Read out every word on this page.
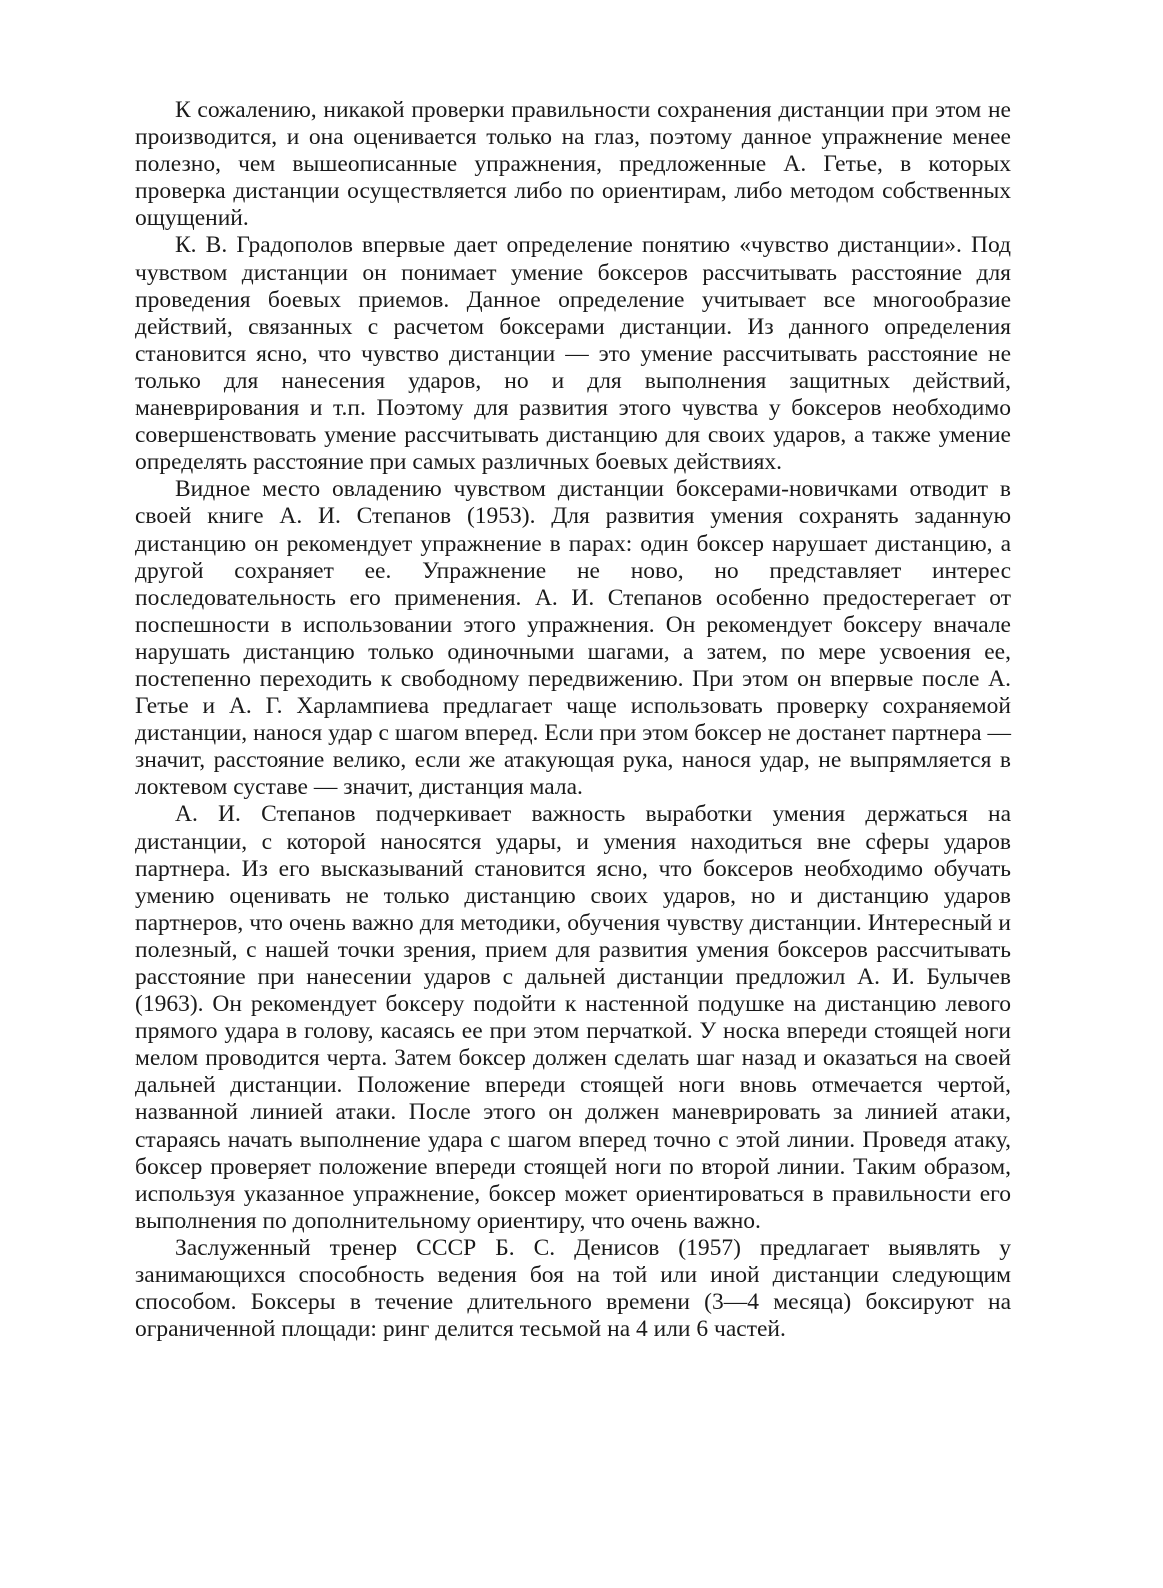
К сожалению, никакой проверки правильности сохранения дистанции при этом не производится, и она оценивается только на глаз, поэтому данное упражнение менее полезно, чем вышеописанные упражнения, предложенные А. Гетье, в которых проверка дистанции осуществляется либо по ориентирам, либо методом собственных ощущений.

К. В. Градополов впервые дает определение понятию «чувство дистанции». Под чувством дистанции он понимает умение боксеров рассчитывать расстояние для проведения боевых приемов. Данное определение учитывает все многообразие действий, связанных с расчетом боксерами дистанции. Из данного определения становится ясно, что чувство дистанции — это умение рассчитывать расстояние не только для нанесения ударов, но и для выполнения защитных действий, маневрирования и т.п. Поэтому для развития этого чувства у боксеров необходимо совершенствовать умение рассчитывать дистанцию для своих ударов, а также умение определять расстояние при самых различных боевых действиях.

Видное место овладению чувством дистанции боксерами-новичками отводит в своей книге А. И. Степанов (1953). Для развития умения сохранять заданную дистанцию он рекомендует упражнение в парах: один боксер нарушает дистанцию, а другой сохраняет ее. Упражнение не ново, но представляет интерес последовательность его применения. А. И. Степанов особенно предостерегает от поспешности в использовании этого упражнения. Он рекомендует боксеру вначале нарушать дистанцию только одиночными шагами, а затем, по мере усвоения ее, постепенно переходить к свободному передвижению. При этом он впервые после А. Гетье и А. Г. Харлампиева предлагает чаще использовать проверку сохраняемой дистанции, нанося удар с шагом вперед. Если при этом боксер не достанет партнера — значит, расстояние велико, если же атакующая рука, нанося удар, не выпрямляется в локтевом суставе — значит, дистанция мала.

А. И. Степанов подчеркивает важность выработки умения держаться на дистанции, с которой наносятся удары, и умения находиться вне сферы ударов партнера. Из его высказываний становится ясно, что боксеров необходимо обучать умению оценивать не только дистанцию своих ударов, но и дистанцию ударов партнеров, что очень важно для методики, обучения чувству дистанции. Интересный и полезный, с нашей точки зрения, прием для развития умения боксеров рассчитывать расстояние при нанесении ударов с дальней дистанции предложил А. И. Булычев (1963). Он рекомендует боксеру подойти к настенной подушке на дистанцию левого прямого удара в голову, касаясь ее при этом перчаткой. У носка впереди стоящей ноги мелом проводится черта. Затем боксер должен сделать шаг назад и оказаться на своей дальней дистанции. Положение впереди стоящей ноги вновь отмечается чертой, названной линией атаки. После этого он должен маневрировать за линией атаки, стараясь начать выполнение удара с шагом вперед точно с этой линии. Проведя атаку, боксер проверяет положение впереди стоящей ноги по второй линии. Таким образом, используя указанное упражнение, боксер может ориентироваться в правильности его выполнения по дополнительному ориентиру, что очень важно.

Заслуженный тренер СССР Б. С. Денисов (1957) предлагает выявлять у занимающихся способность ведения боя на той или иной дистанции следующим способом. Боксеры в течение длительного времени (3—4 месяца) боксируют на ограниченной площади: ринг делится тесьмой на 4 или 6 частей.
